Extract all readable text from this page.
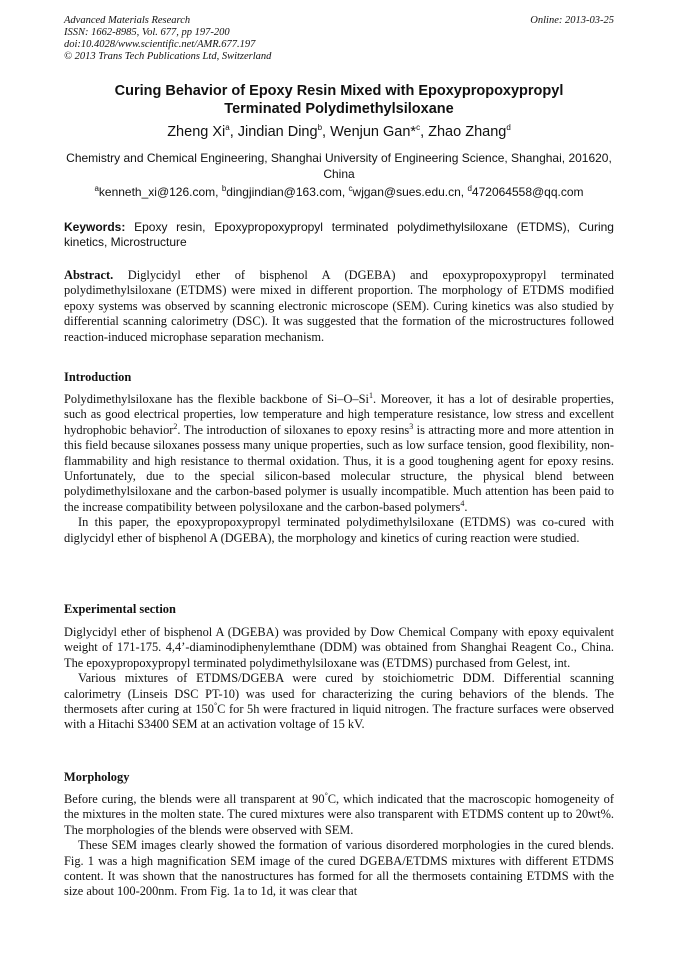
Advanced Materials Research
ISSN: 1662-8985, Vol. 677, pp 197-200
doi:10.4028/www.scientific.net/AMR.677.197
© 2013 Trans Tech Publications Ltd, Switzerland
Online: 2013-03-25
Curing Behavior of Epoxy Resin Mixed with Epoxypropoxypropyl
Terminated Polydimethylsiloxane
Zheng Xi$^a$, Jindian Ding$^b$, Wenjun Gan*$^c$, Zhao Zhang$^d$
Chemistry and Chemical Engineering, Shanghai University of Engineering Science, Shanghai, 201620, China
$^a$kenneth_xi@126.com, $^b$dingjindian@163.com, $^c$wjgan@sues.edu.cn, $^d$472064558@qq.com
Keywords: Epoxy resin, Epoxypropoxypropyl terminated polydimethylsiloxane (ETDMS), Curing kinetics, Microstructure
Abstract. Diglycidyl ether of bisphenol A (DGEBA) and epoxypropoxypropyl terminated polydimethylsiloxane (ETDMS) were mixed in different proportion. The morphology of ETDMS modified epoxy systems was observed by scanning electronic microscope (SEM). Curing kinetics was also studied by differential scanning calorimetry (DSC). It was suggested that the formation of the microstructures followed reaction-induced microphase separation mechanism.
Introduction

Polydimethylsiloxane has the flexible backbone of Si–O–Si$^1$. Moreover, it has a lot of desirable properties, such as good electrical properties, low temperature and high temperature resistance, low stress and excellent hydrophobic behavior$^2$. The introduction of siloxanes to epoxy resins$^3$ is attracting more and more attention in this field because siloxanes possess many unique properties, such as low surface tension, good flexibility, non-flammability and high resistance to thermal oxidation. Thus, it is a good toughening agent for epoxy resins. Unfortunately, due to the special silicon-based molecular structure, the physical blend between polydimethylsiloxane and the carbon-based polymer is usually incompatible. Much attention has been paid to the increase compatibility between polysiloxane and the carbon-based polymers$^4$.

In this paper, the epoxypropoxypropyl terminated polydimethylsiloxane (ETDMS) was co-cured with diglycidyl ether of bisphenol A (DGEBA), the morphology and kinetics of curing reaction were studied.

Experimental section

Diglycidyl ether of bisphenol A (DGEBA) was provided by Dow Chemical Company with epoxy equivalent weight of 171-175. 4,4’-diaminodiphenylemthane (DDM) was obtained from Shanghai Reagent Co., China. The epoxypropoxypropyl terminated polydimethylsiloxane was (ETDMS) purchased from Gelest, int.

Various mixtures of ETDMS/DGEBA were cured by stoichiometric DDM. Differential scanning calorimetry (Linseis DSC PT-10) was used for characterizing the curing behaviors of the blends. The thermosets after curing at 150°C for 5h were fractured in liquid nitrogen. The fracture surfaces were observed with a Hitachi S3400 SEM at an activation voltage of 15 kV.

Morphology

Before curing, the blends were all transparent at 90°C, which indicated that the macroscopic homogeneity of the mixtures in the molten state. The cured mixtures were also transparent with ETDMS content up to 20wt%. The morphologies of the blends were observed with SEM.

These SEM images clearly showed the formation of various disordered morphologies in the cured blends. Fig. 1 was a high magnification SEM image of the cured DGEBA/ETDMS mixtures with different ETDMS content. It was shown that the nanostructures has formed for all the thermosets containing ETDMS with the size about 100-200nm. From Fig. 1a to 1d, it was clear that
